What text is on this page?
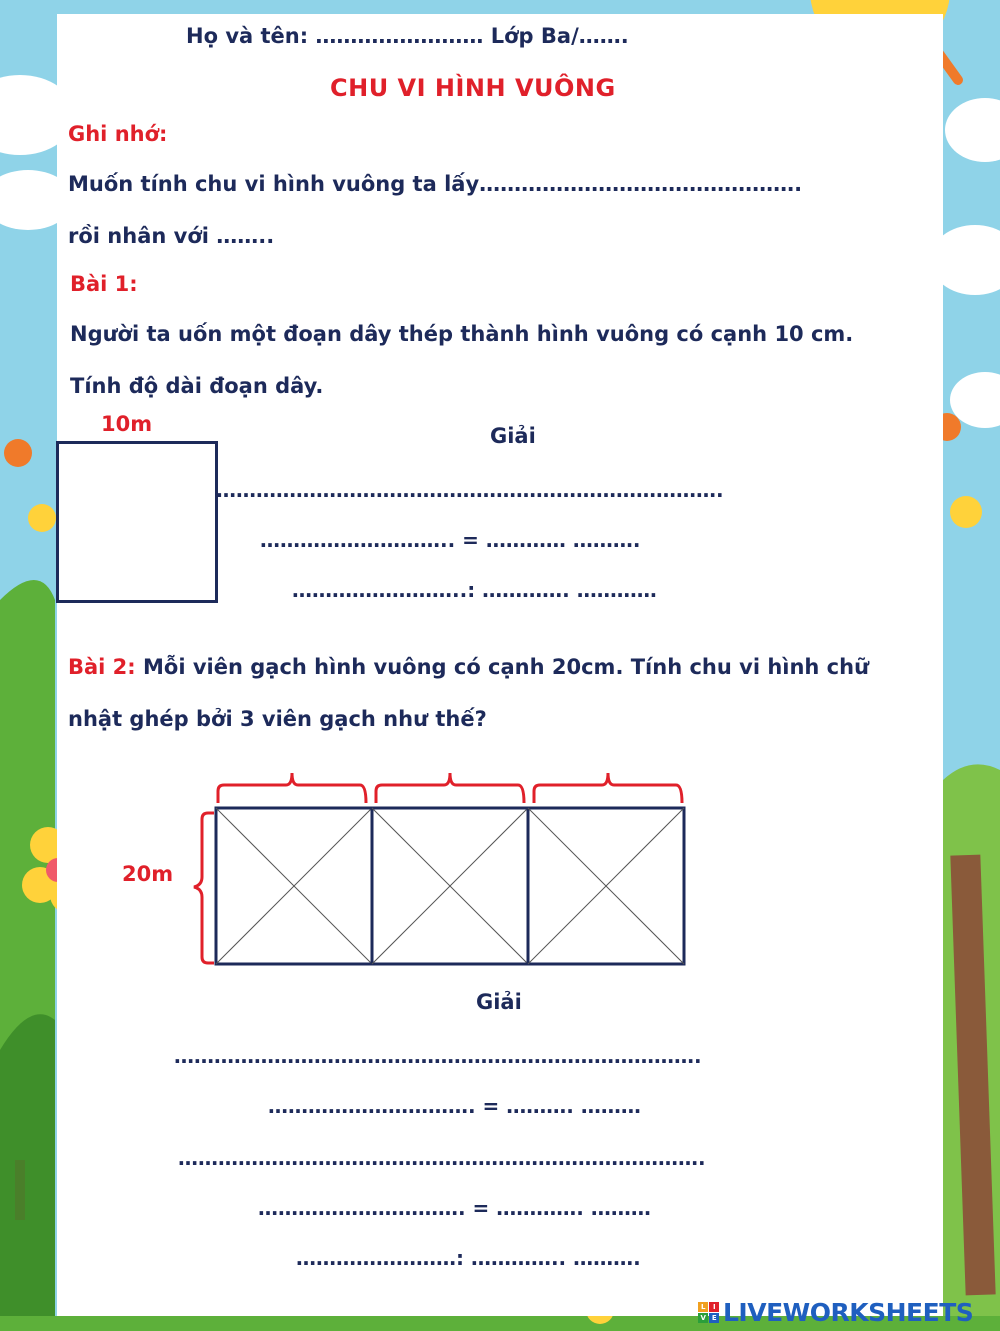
Họ và tên: …………………… Lớp Ba/…….
CHU VI HÌNH VUÔNG
Ghi nhớ:
Muốn tính chu vi hình vuông ta lấy……………………………………….
rồi nhân với ……..
Bài 1:
Người ta uốn một đoạn dây thép thành hình vuông có cạnh 10 cm.
Tính độ dài đoạn dây.
10m	Giải
………………………………………………………………….
……………………….. = ………… ……….
……………………..: …………. …………
Bài 2: Mỗi viên gạch hình vuông có cạnh 20cm. Tính chu vi hình chữ
nhật ghép bởi 3 viên gạch như thế?
20m
Giải
…………………………………………………………………….
…………………………. = ………. ………
…………………………………………………………………….
…………………………. = …………. ………
……………………: ………….. ……….
L	I
V E LIVEWORKSHEETS
